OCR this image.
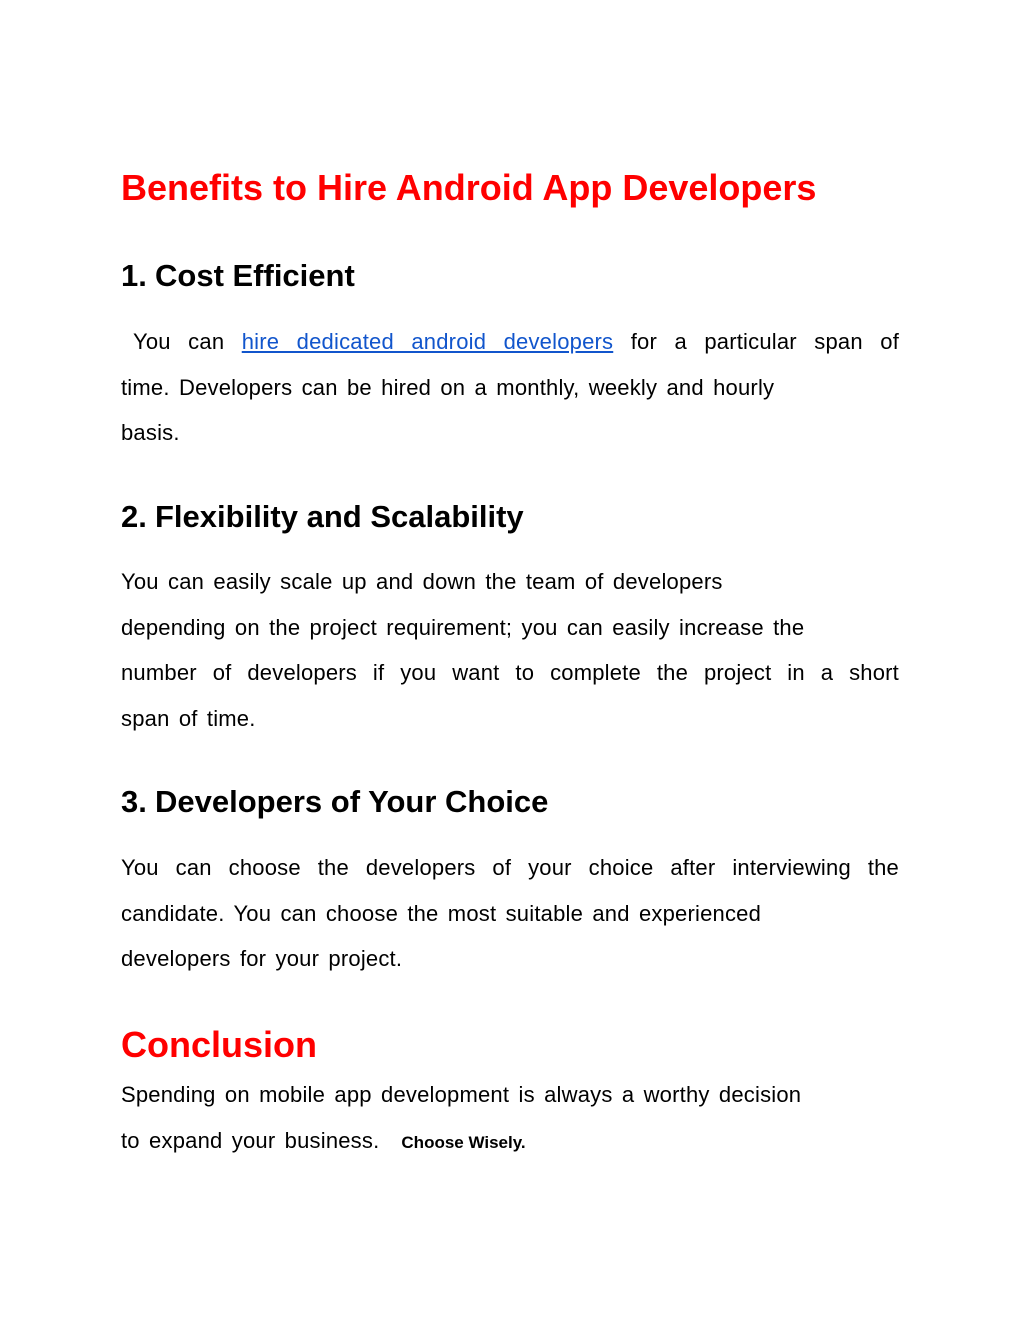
Benefits to Hire Android App Developers
1. Cost Efficient
You can hire dedicated android developers for a particular span of
time. Developers can be hired on a monthly, weekly and hourly
basis.
2. Flexibility and Scalability
You can easily scale up and down the team of developers
depending on the project requirement; you can easily increase the
number of developers if you want to complete the project in a short
span of time.
3. Developers of Your Choice
You can choose the developers of your choice after interviewing the
candidate. You can choose the most suitable and experienced
developers for your project.
Conclusion
Spending on mobile app development is always a worthy decision
to expand your business. Choose Wisely.
